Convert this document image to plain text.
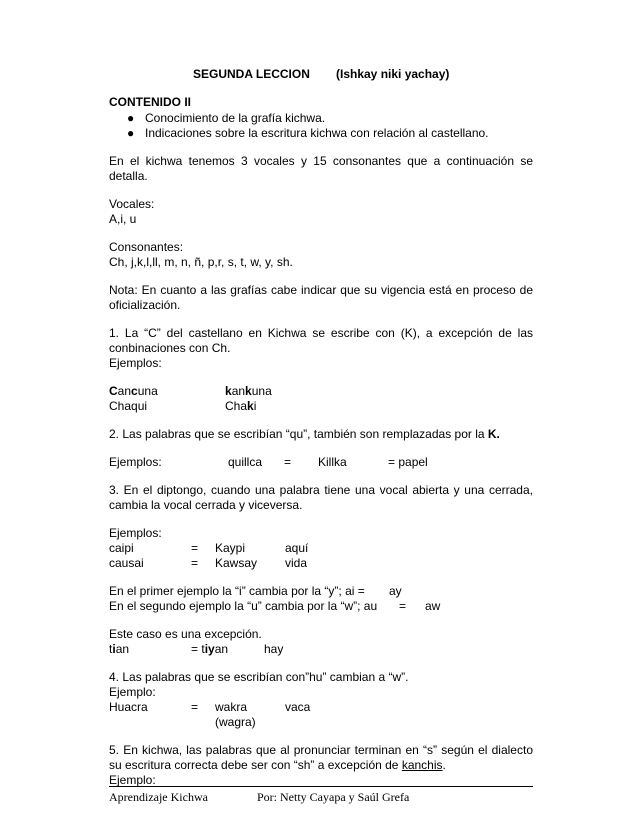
SEGUNDA LECCION (Ishkay niki yachay)
CONTENIDO II
● Conocimiento de la grafía kichwa.
● Indicaciones sobre la escritura kichwa con relación al castellano.
En el kichwa tenemos 3 vocales y 15 consonantes que a continuación se
detalla.
Vocales:
A,i, u
Consonantes:
Ch, j,k,l,ll, m, n, ñ, p,r, s, t, w, y, sh.
Nota: En cuanto a las grafías cabe indicar que su vigencia está en proceso de
oficialización.
1. La “C” del castellano en Kichwa se escribe con (K), a excepción de las
conbinaciones con Ch.
Ejemplos:
Cancuna	kankuna
Chaqui	Chaki
2. Las palabras que se escribían “qu”, también son remplazadas por la K.
Ejemplos:	quillca = Killka	= papel
3. En el diptongo, cuando una palabra tiene una vocal abierta y una cerrada,
cambia la vocal cerrada y viceversa.
Ejemplos:
caipi	= Kaypi	aquí
causai	= Kawsay vida
En el primer ejemplo la “i” cambia por la “y”; ai = ay
En el segundo ejemplo la “u” cambia por la “w”; au = aw
Este caso es una excepción.
tian	= tiyan	hay
4. Las palabras que se escribían con”hu” cambian a “w”.
Ejemplo:
Huacra	= wakra	vaca
(wagra)
5. En kichwa, las palabras que al pronunciar terminan en “s” según el dialecto
su escritura correcta debe ser con “sh” a excepción de kanchis.
Aprendizaje Kichwa	Por: Netty Cayapa y Saúl Grefa
Ejemplo:
